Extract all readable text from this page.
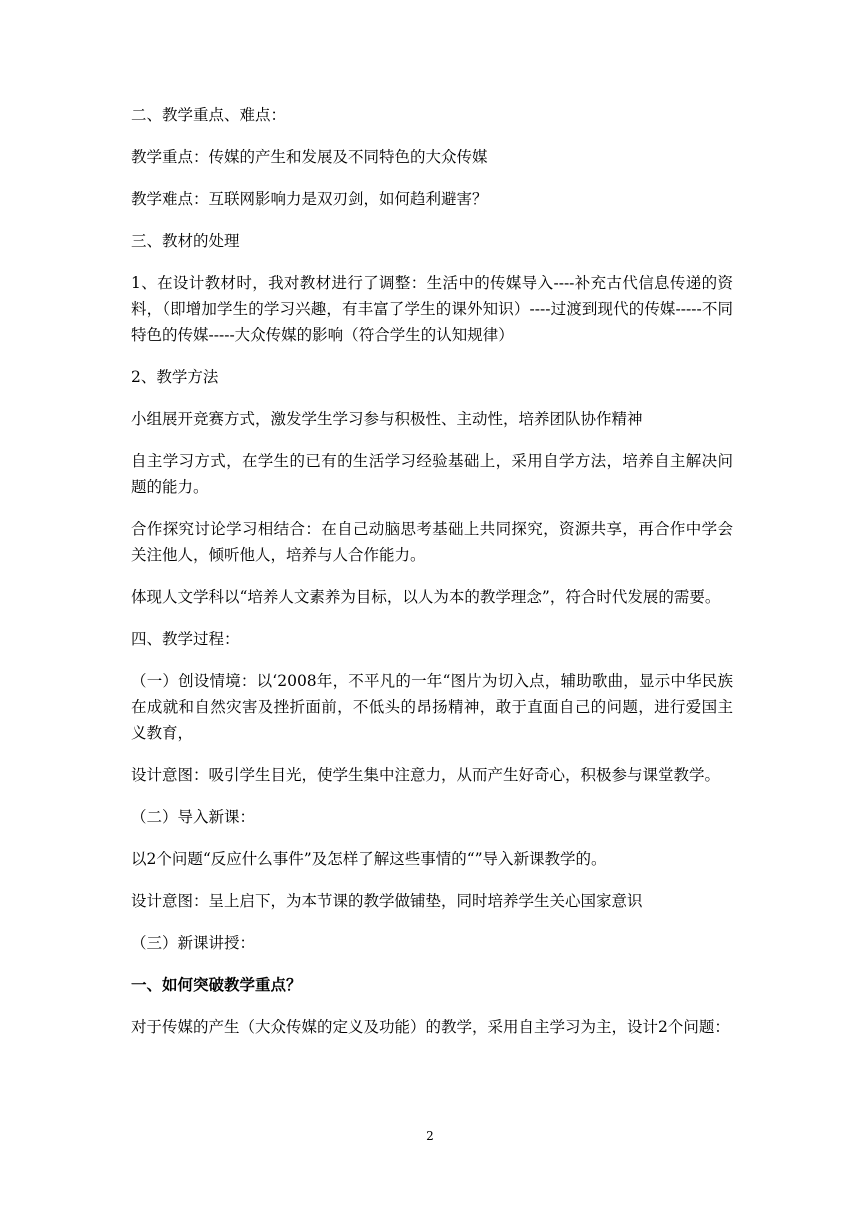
二、教学重点、难点：

教学重点：传媒的产生和发展及不同特色的大众传媒

教学难点：互联网影响力是双刃剑，如何趋利避害？

三、教材的处理

1、在设计教材时，我对教材进行了调整：生活中的传媒导入----补充古代信息传递的资料，（即增加学生的学习兴趣，有丰富了学生的课外知识）----过渡到现代的传媒-----不同特色的传媒-----大众传媒的影响（符合学生的认知规律）

2、教学方法

小组展开竞赛方式，激发学生学习参与积极性、主动性，培养团队协作精神

自主学习方式，在学生的已有的生活学习经验基础上，采用自学方法，培养自主解决问题的能力。

合作探究讨论学习相结合：在自己动脑思考基础上共同探究，资源共享，再合作中学会关注他人，倾听他人，培养与人合作能力。

体现人文学科以“培养人文素养为目标，以人为本的教学理念”，符合时代发展的需要。

四、教学过程：

（一）创设情境：以‘2008年，不平凡的一年“图片为切入点，辅助歌曲，显示中华民族在成就和自然灾害及挫折面前，不低头的昂扬精神，敢于直面自己的问题，进行爱国主义教育，

设计意图：吸引学生目光，使学生集中注意力，从而产生好奇心，积极参与课堂教学。

（二）导入新课：

以2个问题“反应什么事件”及怎样了解这些事情的“”导入新课教学的。

设计意图：呈上启下，为本节课的教学做铺垫，同时培养学生关心国家意识

（三）新课讲授：

一、如何突破教学重点？

对于传媒的产生（大众传媒的定义及功能）的教学，采用自主学习为主，设计2个问题：

2
